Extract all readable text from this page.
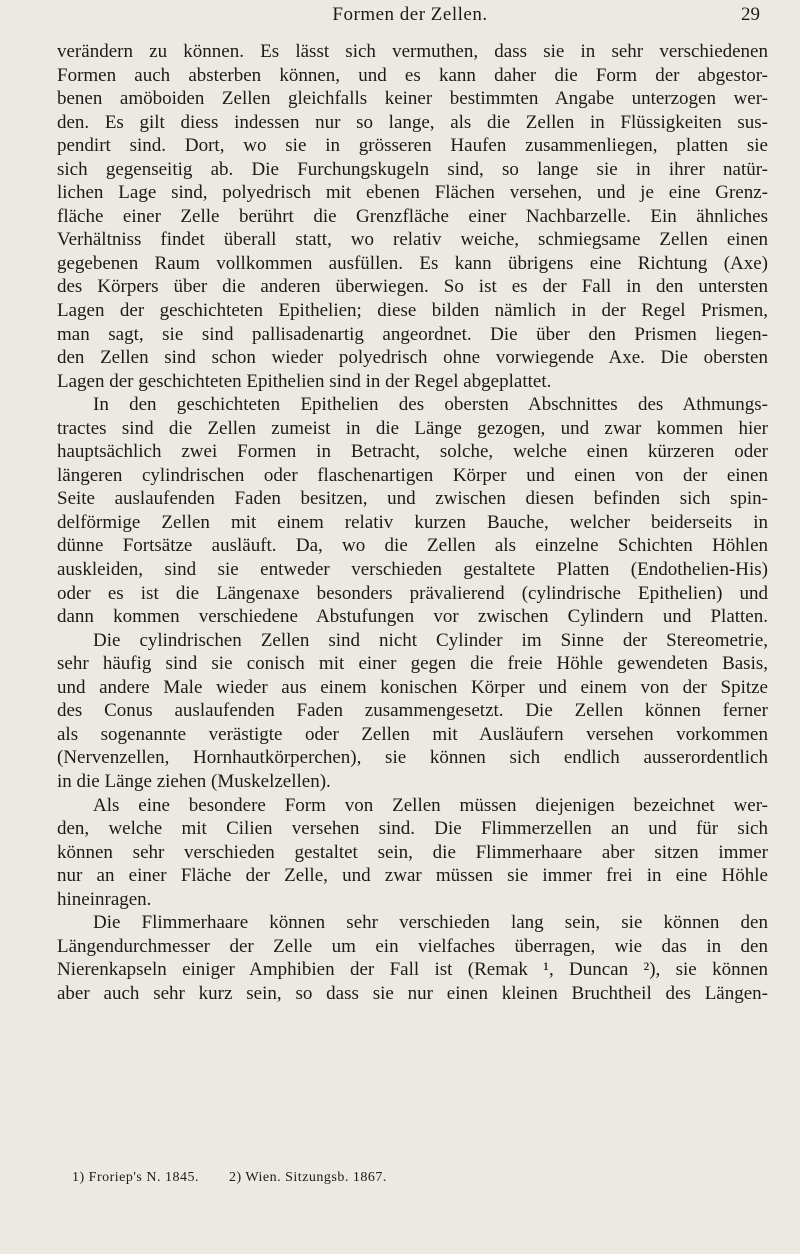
Formen der Zellen.	29
verändern zu können. Es lässt sich vermuthen, dass sie in sehr verschiedenen
Formen auch absterben können, und es kann daher die Form der abgestor-
benen amöboiden Zellen gleichfalls keiner bestimmten Angabe unterzogen wer-
den. Es gilt diess indessen nur so lange, als die Zellen in Flüssigkeiten sus-
pendirt sind. Dort, wo sie in grösseren Haufen zusammenliegen, platten sie
sich gegenseitig ab. Die Furchungskugeln sind, so lange sie in ihrer natür-
lichen Lage sind, polyedrisch mit ebenen Flächen versehen, und je eine Grenz-
fläche einer Zelle berührt die Grenzfläche einer Nachbarzelle. Ein ähnliches
Verhältniss findet überall statt, wo relativ weiche, schmiegsame Zellen einen
gegebenen Raum vollkommen ausfüllen. Es kann übrigens eine Richtung (Axe)
des Körpers über die anderen überwiegen. So ist es der Fall in den untersten
Lagen der geschichteten Epithelien; diese bilden nämlich in der Regel Prismen,
man sagt, sie sind pallisadenartig angeordnet. Die über den Prismen liegen-
den Zellen sind schon wieder polyedrisch ohne vorwiegende Axe. Die obersten
Lagen der geschichteten Epithelien sind in der Regel abgeplattet.
In den geschichteten Epithelien des obersten Abschnittes des Athmungs-
tractes sind die Zellen zumeist in die Länge gezogen, und zwar kommen hier
hauptsächlich zwei Formen in Betracht, solche, welche einen kürzeren oder
längeren cylindrischen oder flaschenartigen Körper und einen von der einen
Seite auslaufenden Faden besitzen, und zwischen diesen befinden sich spin-
delförmige Zellen mit einem relativ kurzen Bauche, welcher beiderseits in
dünne Fortsätze ausläuft. Da, wo die Zellen als einzelne Schichten Höhlen
auskleiden, sind sie entweder verschieden gestaltete Platten (Endothelien-His)
oder es ist die Längenaxe besonders prävalierend (cylindrische Epithelien) und
dann kommen verschiedene Abstufungen vor zwischen Cylindern und Platten.
Die cylindrischen Zellen sind nicht Cylinder im Sinne der Stereometrie,
sehr häufig sind sie conisch mit einer gegen die freie Höhle gewendeten Basis,
und andere Male wieder aus einem konischen Körper und einem von der Spitze
des Conus auslaufenden Faden zusammengesetzt. Die Zellen können ferner
als sogenannte verästigte oder Zellen mit Ausläufern versehen vorkommen
(Nervenzellen, Hornhautkörperchen), sie können sich endlich ausserordentlich
in die Länge ziehen (Muskelzellen).
Als eine besondere Form von Zellen müssen diejenigen bezeichnet wer-
den, welche mit Cilien versehen sind. Die Flimmerzellen an und für sich
können sehr verschieden gestaltet sein, die Flimmerhaare aber sitzen immer
nur an einer Fläche der Zelle, und zwar müssen sie immer frei in eine Höhle
hineinragen.
Die Flimmerhaare können sehr verschieden lang sein, sie können den
Längendurchmesser der Zelle um ein vielfaches überragen, wie das in den
Nierenkapseln einiger Amphibien der Fall ist (Remak ¹, Duncan ²), sie können
aber auch sehr kurz sein, so dass sie nur einen kleinen Bruchtheil des Längen-
1) Froriep's N. 1845. 2) Wien. Sitzungsb. 1867.
